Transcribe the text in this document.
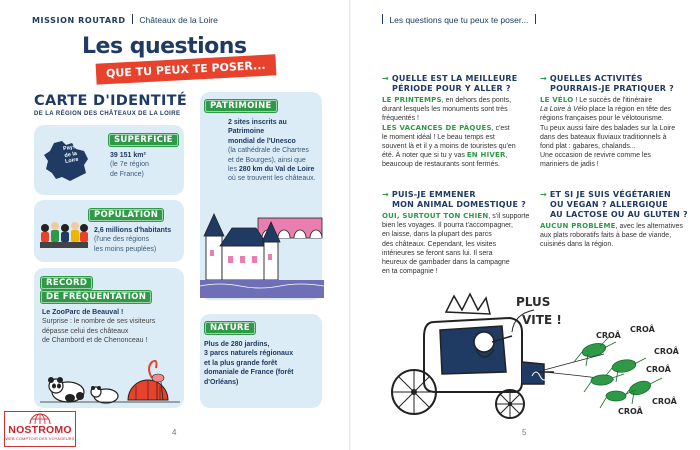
MISSION ROUTARD Châteaux de la Loire
Les questions
QUE TU PEUX TE POSER...
CARTE D'IDENTITÉ
DE LA RÉGION DES CHÂTEAUX DE LA LOIRE
Pays
de la
Loire
SUPERFICIE
39 151 km²
(le 7e région
de France)
POPULATION
2,6 millions d'habitants
(l'une des régions
les moins peuplées)
RECORD
DE FRÉQUENTATION
Le ZooParc de Beauval !
Surprise : le nombre de ses visiteurs
dépasse celui des châteaux
de Chambord et de Chenonceau !
PATRIMOINE
2 sites inscrits au Patrimoine
mondial de l'Unesco
(la cathédrale de Chartres
et de Bourges), ainsi que
les 280 km du Val de Loire
où se trouvent les châteaux.
NATURE
Plus de 280 jardins,
3 parcs naturels régionaux
et la plus grande forêt
domaniale de France (forêt
d'Orléans)
4
NOSTROMO
WEB COMPTOIR DES VOYAGEURS
Les questions que tu peux te poser...
→ QUELLE EST LA MEILLEURE
PÉRIODE POUR Y ALLER ?
LE PRINTEMPS, en dehors des ponts,
durant lesquels les monuments sont très
fréquentés !
LES VACANCES DE PÂQUES, c'est
le moment idéal ! Le beau temps est
souvent là et il y a moins de touristes qu'en
été. À noter que si tu y vas EN HIVER,
beaucoup de restaurants sont fermés.
→ QUELLES ACTIVITÉS
POURRAIS-JE PRATIQUER ?
LE VÉLO ! Le succès de l'itinéraire
La Loire à Vélo place la région en tête des
régions françaises pour le vélotourisme.
Tu peux aussi faire des balades sur la Loire
dans des bateaux fluviaux traditionnels à
fond plat : gabares, chalands...
Une occasion de revivre comme les
mariniers de jadis !
→ PUIS-JE EMMENER
MON ANIMAL DOMESTIQUE ?
OUI, SURTOUT TON CHIEN, s'il supporte
bien les voyages. Il pourra t'accompagner,
en laisse, dans la plupart des parcs
des châteaux. Cependant, les visites
intérieures se feront sans lui. Il sera
heureux de gambader dans la campagne
en ta compagnie !
→ ET SI JE SUIS VÉGÉTARIEN
OU VEGAN ? ALLERGIQUE
AU LACTOSE OU AU GLUTEN ?
AUCUN PROBLÈME, avec les alternatives
aux plats roboratifs faits à base de viande,
cuisinés dans la région.
PLUS
VITE !
CROÂ
CROÂ
CROÂ
CROÂ
CROÂ
CROÂ
5
